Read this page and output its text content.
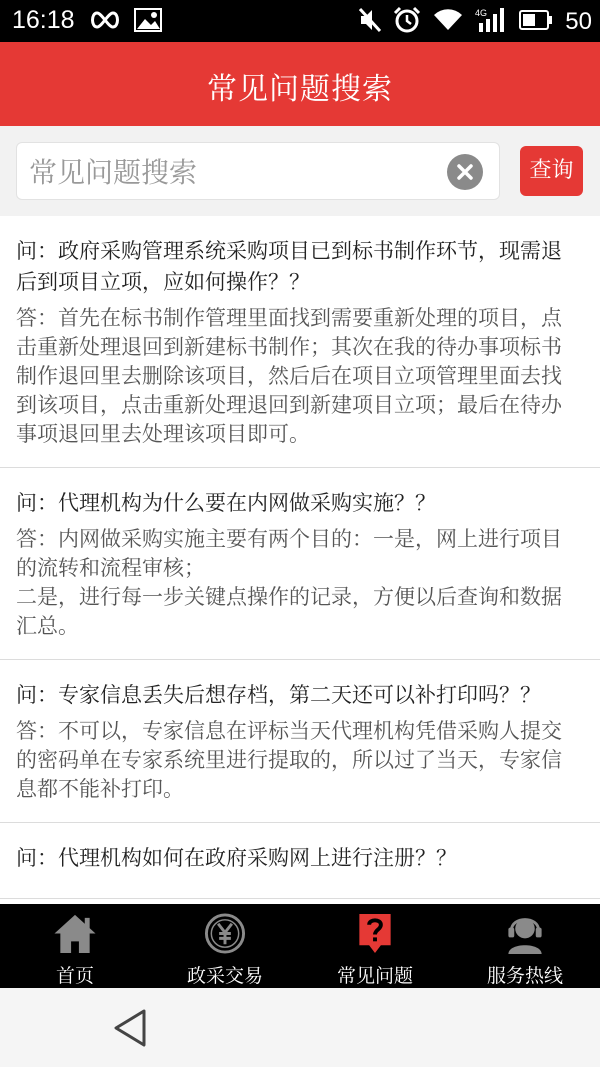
16:18	4G	50
常见问题搜索
常见问题搜索
查询
问：政府采购管理系统采购项目已到标书制作环节，现需退后到项目立项，应如何操作？？
答：首先在标书制作管理里面找到需要重新处理的项目，点击重新处理退回到新建标书制作；其次在我的待办事项标书制作退回里去删除该项目，然后后在项目立项管理里面去找到该项目，点击重新处理退回到新建项目立项；最后在待办事项退回里去处理该项目即可。
问：代理机构为什么要在内网做采购实施？？
答：内网做采购实施主要有两个目的：一是，网上进行项目的流转和流程审核；
二是，进行每一步关键点操作的记录，方便以后查询和数据汇总。
问：专家信息丢失后想存档，第二天还可以补打印吗？？
答：不可以，专家信息在评标当天代理机构凭借采购人提交的密码单在专家系统里进行提取的，所以过了当天，专家信息都不能补打印。
问：代理机构如何在政府采购网上进行注册？？
首页	政采交易	常见问题	服务热线
